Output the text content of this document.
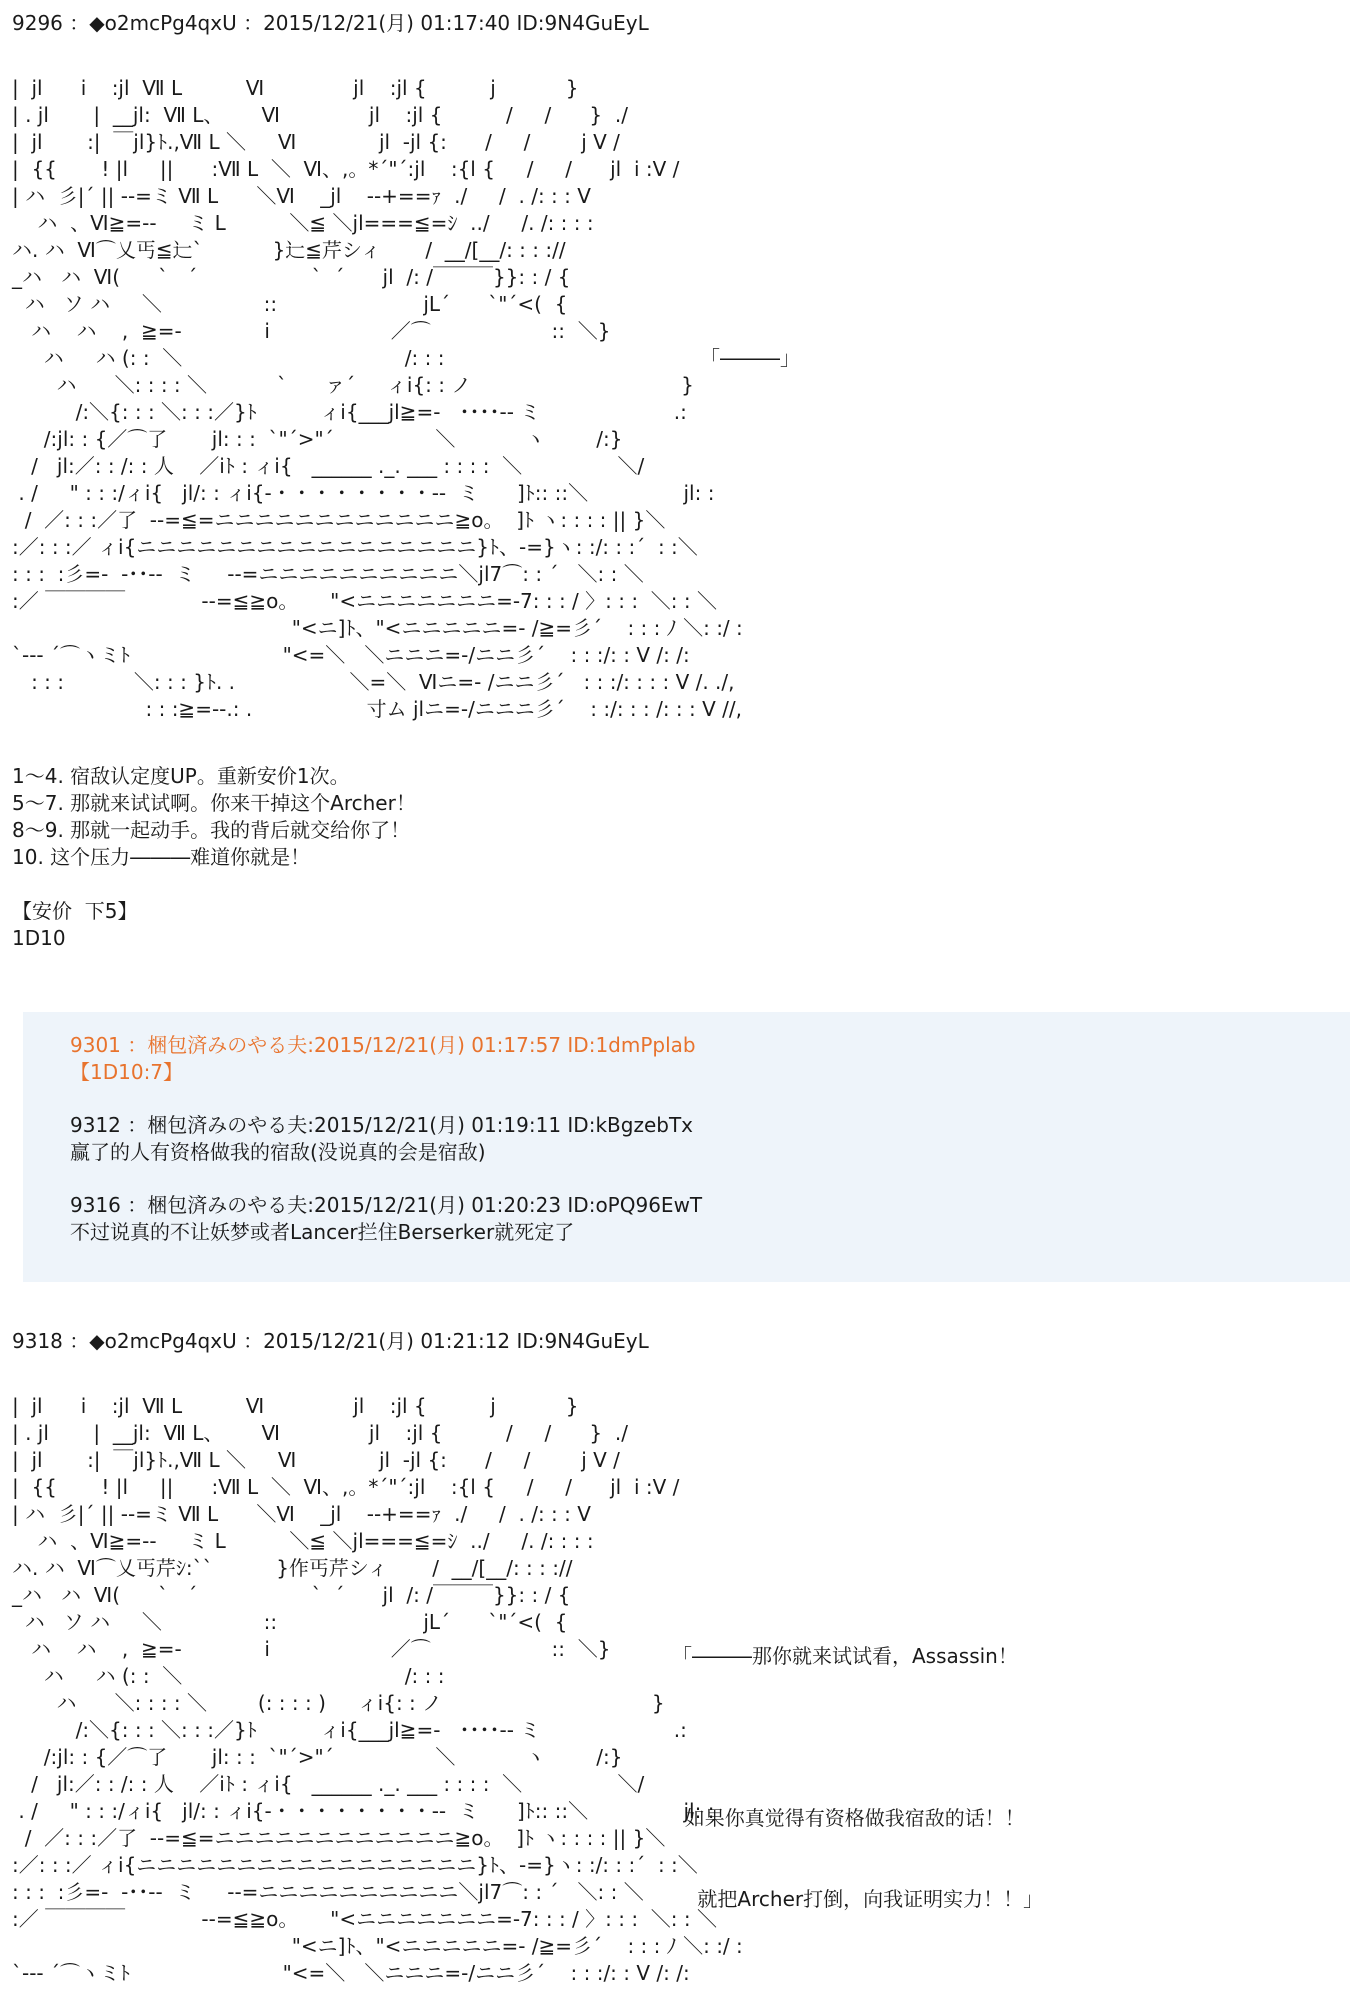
9296 ：◆o2mcPg4qxU ：2015/12/21(月) 01:17:40 ID:9N4GuEyL
|  jl      i    :jl  Ⅶ L          Ⅵ              jl    :jl {          j           }
| . jl       |  __jl:  Ⅶ L、      Ⅵ              jl    :jl {          /     /      }  ./
|  jl       :|  ￣jl}ﾄ.,Ⅶ L ＼     Ⅵ             jl  -jl {:      /     /        j Ⅴ /
|  {{       ! |l     ||      :Ⅶ L  ＼  Ⅵ、,。*´"´:jl    :{l {     /     /      jl  i :Ⅴ /
| ハ  彡|´ || --=ミ Ⅶ L      ＼Ⅵ    _jl    --+==ｧ  ./     /  . /: : : Ⅴ
ハ  、Ⅵ≧=--     ミ L          ＼≦ ＼jl===≦=ｼ  ../     /. /: : : :
ハ. ハ  Ⅵ⌒乂丐≦辷`           }辷≦芹シィ       /  __/[__/: : : ://
_ハ   ハ  Ⅵ(      `   ´                  `  ´      jl  /: /￣￣￣}}: : / {
ハ   ソ ハ     ＼                ::                       jL´      `"´<(  {
ハ    ハ    ,  ≧=-             i                   ／⌒                   ::  ＼}
ハ     ハ (: :  ＼                                   /: : :
ハ      ＼: : : : ＼           `      ァ´     ィi{: : ノ                                 }
/:＼{: : : ＼: : :／}ﾄ          ィi{___jl≧=-   ････-- ミ                     .:
/:jl: : {／⌒了       jl: : :  `"´>"´                ＼           ヽ        /:}
/   jl:／: : /: : 人    ／iﾄ : ィi{   ______ ._. ___ : : : :  ＼               ＼/
. /     " : : :/ィi{   jl/: : ィi{-・・・・・・・・--  ミ      ]ﾄ:: ::＼               jl: :
/  ／: : :／了  --=≦=ニニニニニニニニニニニニ≧o。  ]ﾄ ヽ: : : : || }＼
:／: : :／ ィi{ニニニニニニニニニニニニニニニニニ}ﾄ、-=}ヽ: :/: : :´  : :＼
: : :  :彡=-  -･･--  ミ     --=ニニニニニニニニニニ＼jl7⌒: : ´   ＼: : ＼
:／ ￣￣￣￣            --=≦≧o。     "<ニニニニニニニ=-7: : : / 〉: : :  ＼: : ＼
"<ニ]ﾄ、"<ニニニニニ=- /≧=彡´    : : : ﾉ ＼: :/ :
`--- ´⌒ヽミﾄ                        "<=＼   ＼ニニニ=-/ニニ彡´    : : :/: : Ⅴ /: /:
: : :           ＼: : : }ﾄ. .                  ＼=＼  Ⅵニ=- /ニニ彡´   : : :/: : : : Ⅴ /. ./,
: : :≧=--.: .                  寸ム jlニ=-/ニニニ彡´    : :/: : : /: : : Ⅴ //,

「―――」

1～4. 宿敌认定度UP。重新安价1次。
5～7. 那就来试试啊。你来干掉这个Archer！
8～9. 那就一起动手。我的背后就交给你了！
10. 这个压力―――难道你就是！
【安价  下5】
1D10
9301 ：梱包済みのやる夫:2015/12/21(月) 01:17:57 ID:1dmPplab
【1D10:7】
9312 ：梱包済みのやる夫:2015/12/21(月) 01:19:11 ID:kBgzebTx
赢了的人有资格做我的宿敌(没说真的会是宿敌)
9316 ：梱包済みのやる夫:2015/12/21(月) 01:20:23 ID:oPQ96EwT
不过说真的不让妖梦或者Lancer拦住Berserker就死定了
9318 ：◆o2mcPg4qxU ：2015/12/21(月) 01:21:12 ID:9N4GuEyL
|  jl      i    :jl  Ⅶ L          Ⅵ              jl    :jl {          j           }
| . jl       |  __jl:  Ⅶ L、      Ⅵ              jl    :jl {          /     /      }  ./
|  jl       :|  ￣jl}ﾄ.,Ⅶ L ＼     Ⅵ             jl  -jl {:      /     /        j Ⅴ /
|  {{       ! |l     ||      :Ⅶ L  ＼  Ⅵ、,。*´"´:jl    :{l {     /     /      jl  i :Ⅴ /
| ハ  彡|´ || --=ミ Ⅶ L      ＼Ⅵ    _jl    --+==ｧ  ./     /  . /: : : Ⅴ
ハ  、Ⅵ≧=--     ミ L          ＼≦ ＼jl===≦=ｼ  ../     /. /: : : :
ハ. ハ  Ⅵ⌒乂丐芹ｼ:``          }作丐芹シィ       /  __/[__/: : : ://
_ハ   ハ  Ⅵ(      `   ´                  `  ´      jl  /: /￣￣￣}}: : / {
ハ   ソ ハ     ＼                ::                       jL´      `"´<(  {
ハ    ハ    ,  ≧=-             i                   ／⌒                   ::  ＼}
ハ     ハ (: :  ＼                                   /: : :
ハ      ＼: : : : ＼        (: : : : )     ィi{: : ノ                                 }
/:＼{: : : ＼: : :／}ﾄ          ィi{___jl≧=-   ････-- ミ                     .:
/:jl: : {／⌒了       jl: : :  `"´>"´                ＼           ヽ        /:}
/   jl:／: : /: : 人    ／iﾄ : ィi{   ______ ._. ___ : : : :  ＼               ＼/
. /     " : : :/ィi{   jl/: : ィi{-・・・・・・・・--  ミ      ]ﾄ:: ::＼               jl: :
/  ／: : :／了  --=≦=ニニニニニニニニニニニニ≧o。  ]ﾄ ヽ: : : : || }＼
:／: : :／ ィi{ニニニニニニニニニニニニニニニニニ}ﾄ、-=}ヽ: :/: : :´  : :＼
: : :  :彡=-  -･･--  ミ     --=ニニニニニニニニニニ＼jl7⌒: : ´   ＼: : ＼
:／ ￣￣￣￣            --=≦≧o。     "<ニニニニニニニ=-7: : : / 〉: : :  ＼: : ＼
"<ニ]ﾄ、"<ニニニニニ=- /≧=彡´    : : : ﾉ ＼: :/ :
`--- ´⌒ヽミﾄ                        "<=＼   ＼ニニニ=-/ニニ彡´    : : :/: : Ⅴ /: /:

「―――那你就来试试看，Assassin！

如果你真觉得有资格做我宿敌的话！！

就把Archer打倒，向我证明实力！！」
